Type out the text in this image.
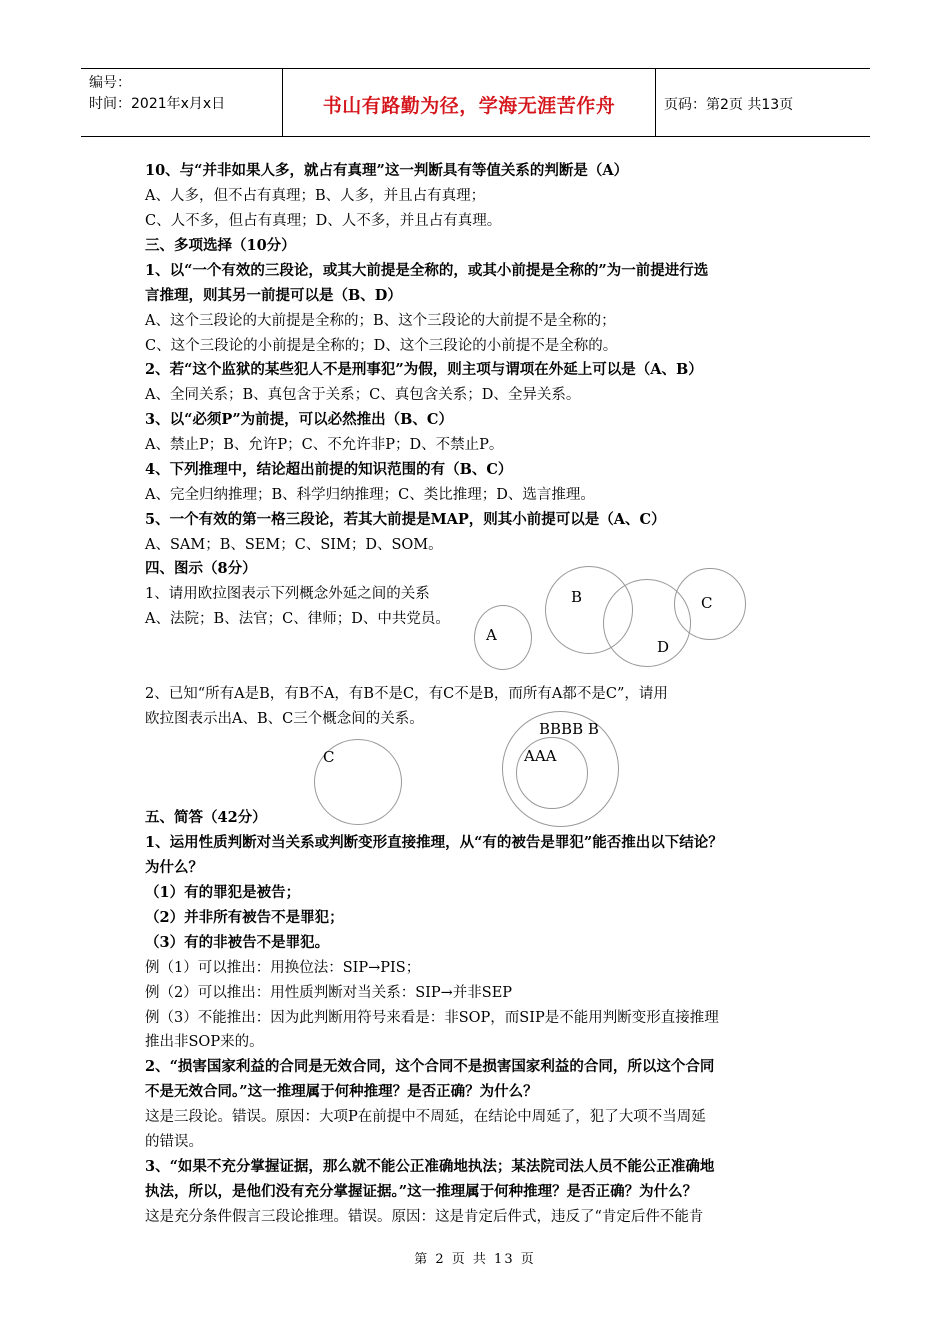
编号：
时间：2021年x月x日	书山有路勤为径，学海无涯苦作舟	页码：第2页 共13页
10、与“并非如果人多，就占有真理”这一判断具有等值关系的判断是（A）
A、人多，但不占有真理；B、人多，并且占有真理；
C、人不多，但占有真理；D、人不多，并且占有真理。
三、多项选择（10分）
1、以“一个有效的三段论，或其大前提是全称的，或其小前提是全称的”为一前提进行选
言推理，则其另一前提可以是（B、D）
A、这个三段论的大前提是全称的；B、这个三段论的大前提不是全称的；
C、这个三段论的小前提是全称的；D、这个三段论的小前提不是全称的。
2、若“这个监狱的某些犯人不是刑事犯”为假，则主项与谓项在外延上可以是（A、B）
A、全同关系；B、真包含于关系；C、真包含关系；D、全异关系。
3、以“必须P”为前提，可以必然推出（B、C）
A、禁止P；B、允许P；C、不允许非P；D、不禁止P。
4、下列推理中，结论超出前提的知识范围的有（B、C）
A、完全归纳推理；B、科学归纳推理；C、类比推理；D、选言推理。
5、一个有效的第一格三段论，若其大前提是MAP，则其小前提可以是（A、C）
A、SAM；B、SEM；C、SIM；D、SOM。
四、图示（8分）
1、请用欧拉图表示下列概念外延之间的关系
A、法院；B、法官；C、律师；D、中共党员。
B	C
A
D
2、已知“所有A是B，有B不A，有B不是C，有C不是B，而所有A都不是C”，请用
欧拉图表示出A、B、C三个概念间的关系。
C
BBBB B
AAA
五、简答（42分）
1、运用性质判断对当关系或判断变形直接推理，从“有的被告是罪犯”能否推出以下结论？
为什么？
（1）有的罪犯是被告；
（2）并非所有被告不是罪犯；
（3）有的非被告不是罪犯。
例（1）可以推出：用换位法：SIP→PIS；
例（2）可以推出：用性质判断对当关系：SIP→并非SEP
例（3）不能推出：因为此判断用符号来看是：非SOP，而SIP是不能用判断变形直接推理
推出非SOP来的。
2、“损害国家利益的合同是无效合同，这个合同不是损害国家利益的合同，所以这个合同
不是无效合同。”这一推理属于何种推理？是否正确？为什么？
这是三段论。错误。原因：大项P在前提中不周延，在结论中周延了，犯了大项不当周延
的错误。
3、“如果不充分掌握证据，那么就不能公正准确地执法；某法院司法人员不能公正准确地
执法，所以，是他们没有充分掌握证据。”这一推理属于何种推理？是否正确？为什么？
这是充分条件假言三段论推理。错误。原因：这是肯定后件式，违反了“肯定后件不能肯
第 2 页 共 13 页
